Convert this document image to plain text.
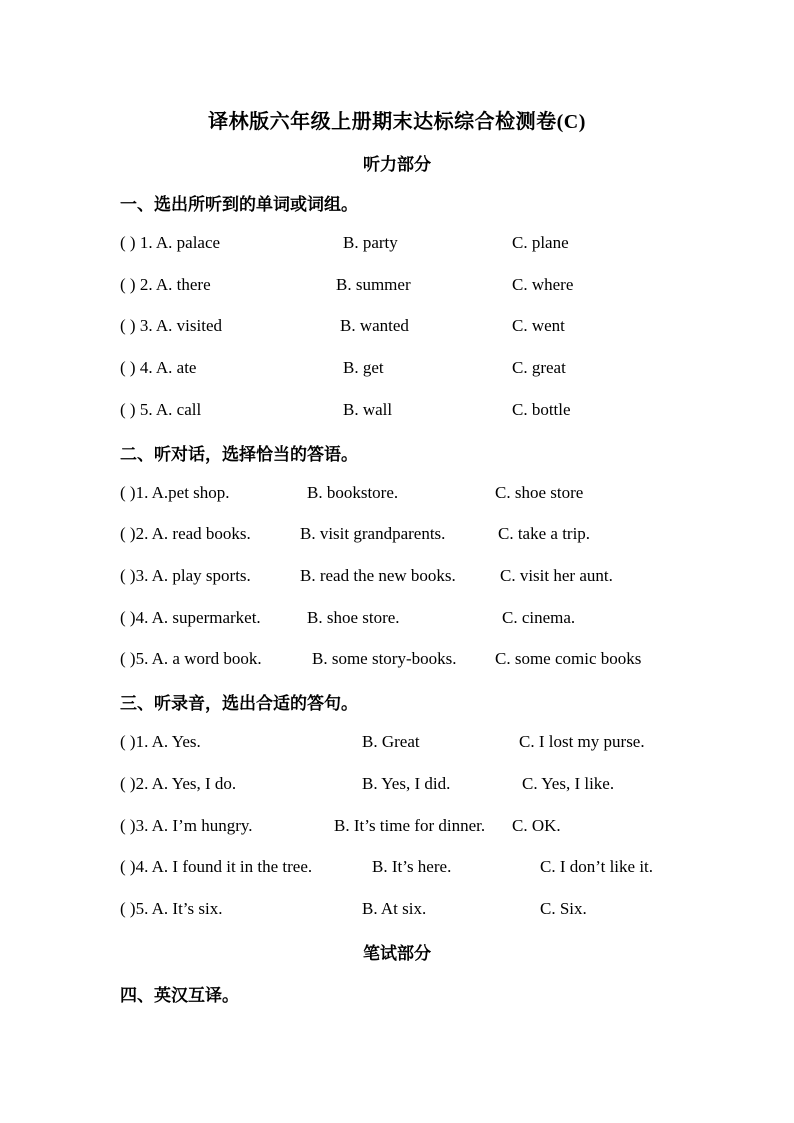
译林版六年级上册期末达标综合检测卷(C)
听力部分
一、选出所听到的单词或词组。
( ) 1. A. palace	B. party	C. plane
( ) 2. A. there	B. summer	C. where
( ) 3. A. visited	B. wanted	C. went
( ) 4. A. ate	B. get	C. great
( ) 5. A. call	B. wall	C. bottle
二、听对话，选择恰当的答语。
( )1. A.pet shop.	B. bookstore.	C. shoe store
( )2. A. read books.	B. visit grandparents.	C. take a trip.
( )3. A. play sports.	B. read the new books.	C. visit her aunt.
( )4. A. supermarket.	B. shoe store.	C. cinema.
( )5. A. a word book.	B. some story-books. C. some comic books
三、听录音，选出合适的答句。
( )1. A. Yes.	B. Great	C. I lost my purse.
( )2. A. Yes, I do.	B. Yes, I did.	C. Yes, I like.
( )3. A. I’m hungry.	B. It’s time for dinner. C. OK.
( )4. A. I found it in the tree.	B. It’s here.	C. I don’t like it.
( )5. A. It’s six.	B. At six.	C. Six.
笔试部分
四、英汉互译。
